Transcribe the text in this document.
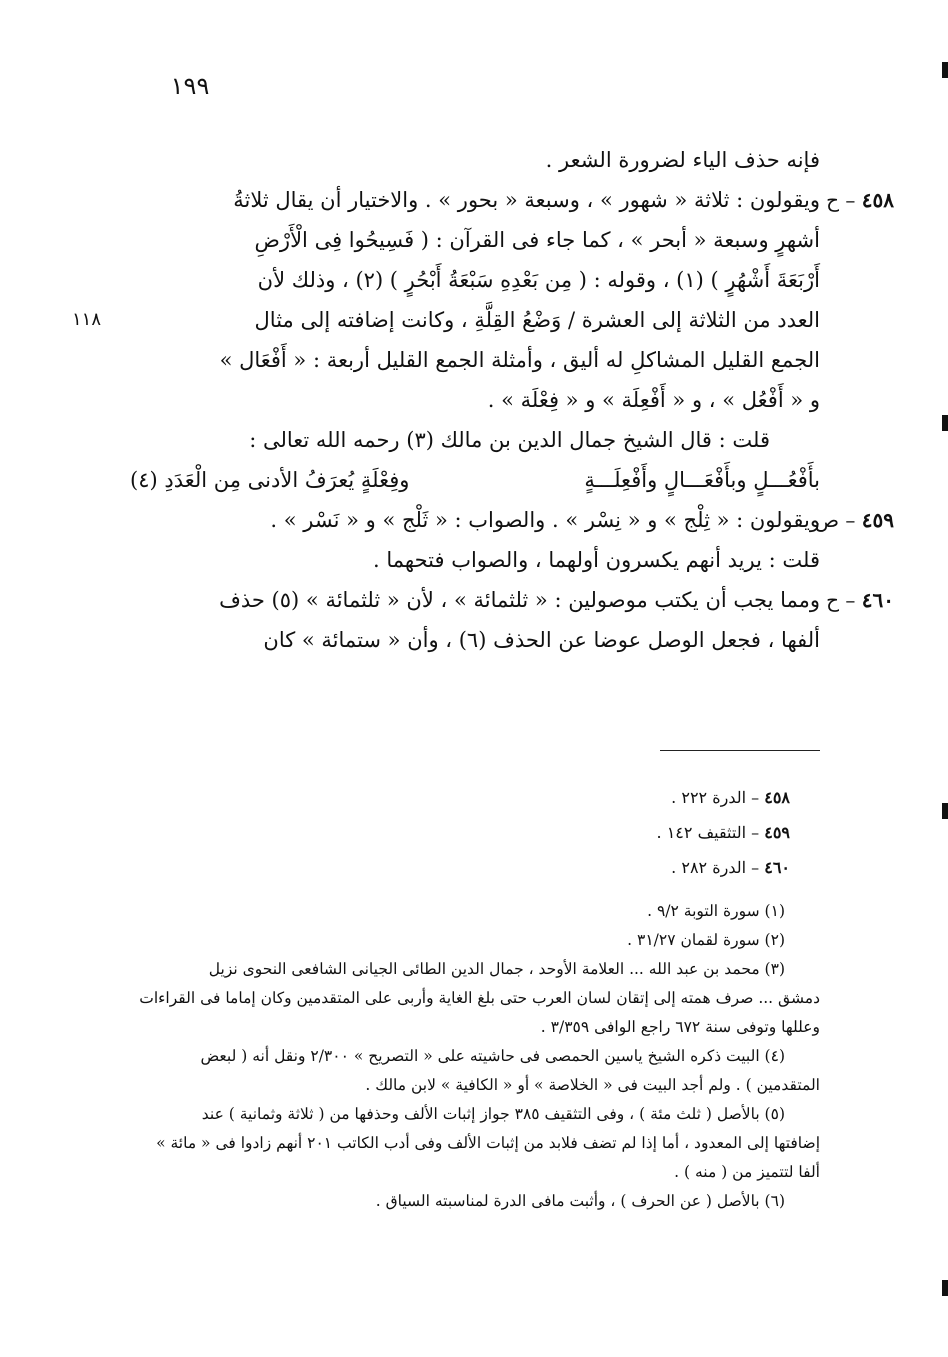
١٩٩
فإنه حذف الياء لضرورة الشعر .
٤٥٨ – ح
ويقولون : ثلاثة « شهور » ، وسبعة « بحور » . والاختيار أن يقال ثلاثةُ
أشهرٍ وسبعة « أبحر » ، كما جاء فى القرآن : ( فَسِيحُوا فِى الْأَرْضِ
أَرْبَعَةَ أَشْهُرٍ ) (١) ، وقوله : ( مِن بَعْدِهِ سَبْعَةُ أَبْحُرٍ ) (٢) ، وذلك لأن
العدد من الثلاثة إلى العشرة / وَضْعُ القِلَّةِ ، وكانت إضافته إلى مثال
١١٨
الجمع القليل المشاكلِ له أليق ، وأمثلة الجمع القليل أربعة : « أَفْعَال »
و « أَفْعُل » ، و « أَفْعِلَة » و « فِعْلَة » .
قلت : قال الشيخ جمال الدين بن مالك (٣) رحمه الله تعالى :
بأَفْعُـــلٍ وبأَفْعَـــالٍ وأَفْعِلَـــةٍ
وفِعْلَةٍ يُعرَفُ الأدنى مِن الْعَدَدِ (٤)
٤٥٩ – ص
ويقولون : « ثِلْج » و « نِسْر » . والصواب : « ثَلْج » و « نَسْر » .
قلت : يريد أنهم يكسرون أولهما ، والصواب فتحهما .
٤٦٠ – ح
ومما يجب أن يكتب موصولين : « ثلثمائة » ، لأن « ثلثمائة » (٥) حذف
ألفها ، فجعل الوصل عوضا عن الحذف (٦) ، وأن « ستمائة » كان
٤٥٨ – الدرة ٢٢٢ .
٤٥٩ – التثقيف ١٤٢ .
٤٦٠ – الدرة ٢٨٢ .
(١) سورة التوبة ٩/٢ .
(٢) سورة لقمان ٣١/٢٧ .
(٣) محمد بن عبد الله ... العلامة الأوحد ، جمال الدين الطائى الجيانى الشافعى النحوى نزيل
دمشق ... صرف همته إلى إتقان لسان العرب حتى بلغ الغاية وأربى على المتقدمين وكان إماما فى القراءات
وعللها وتوفى سنة ٦٧٢ راجع الوافى ٣/٣٥٩ .
(٤) البيت ذكره الشيخ ياسين الحمصى فى حاشيته على « التصريح » ٢/٣٠٠ ونقل أنه ( لبعض
المتقدمين ) . ولم أجد البيت فى « الخلاصة » أو « الكافية » لابن مالك .
(٥) بالأصل ( ثلث مئة ) ، وفى التثقيف ٣٨٥ جواز إثبات الألف وحذفها من ( ثلاثة وثمانية ) عند
إضافتها إلى المعدود ، أما إذا لم تضف فلابد من إثبات الألف وفى أدب الكاتب ٢٠١ أنهم زادوا فى « مائة »
ألفا لتتميز من ( منه ) .
(٦) بالأصل ( عن الحرف ) ، وأثبت مافى الدرة لمناسبته السياق .
